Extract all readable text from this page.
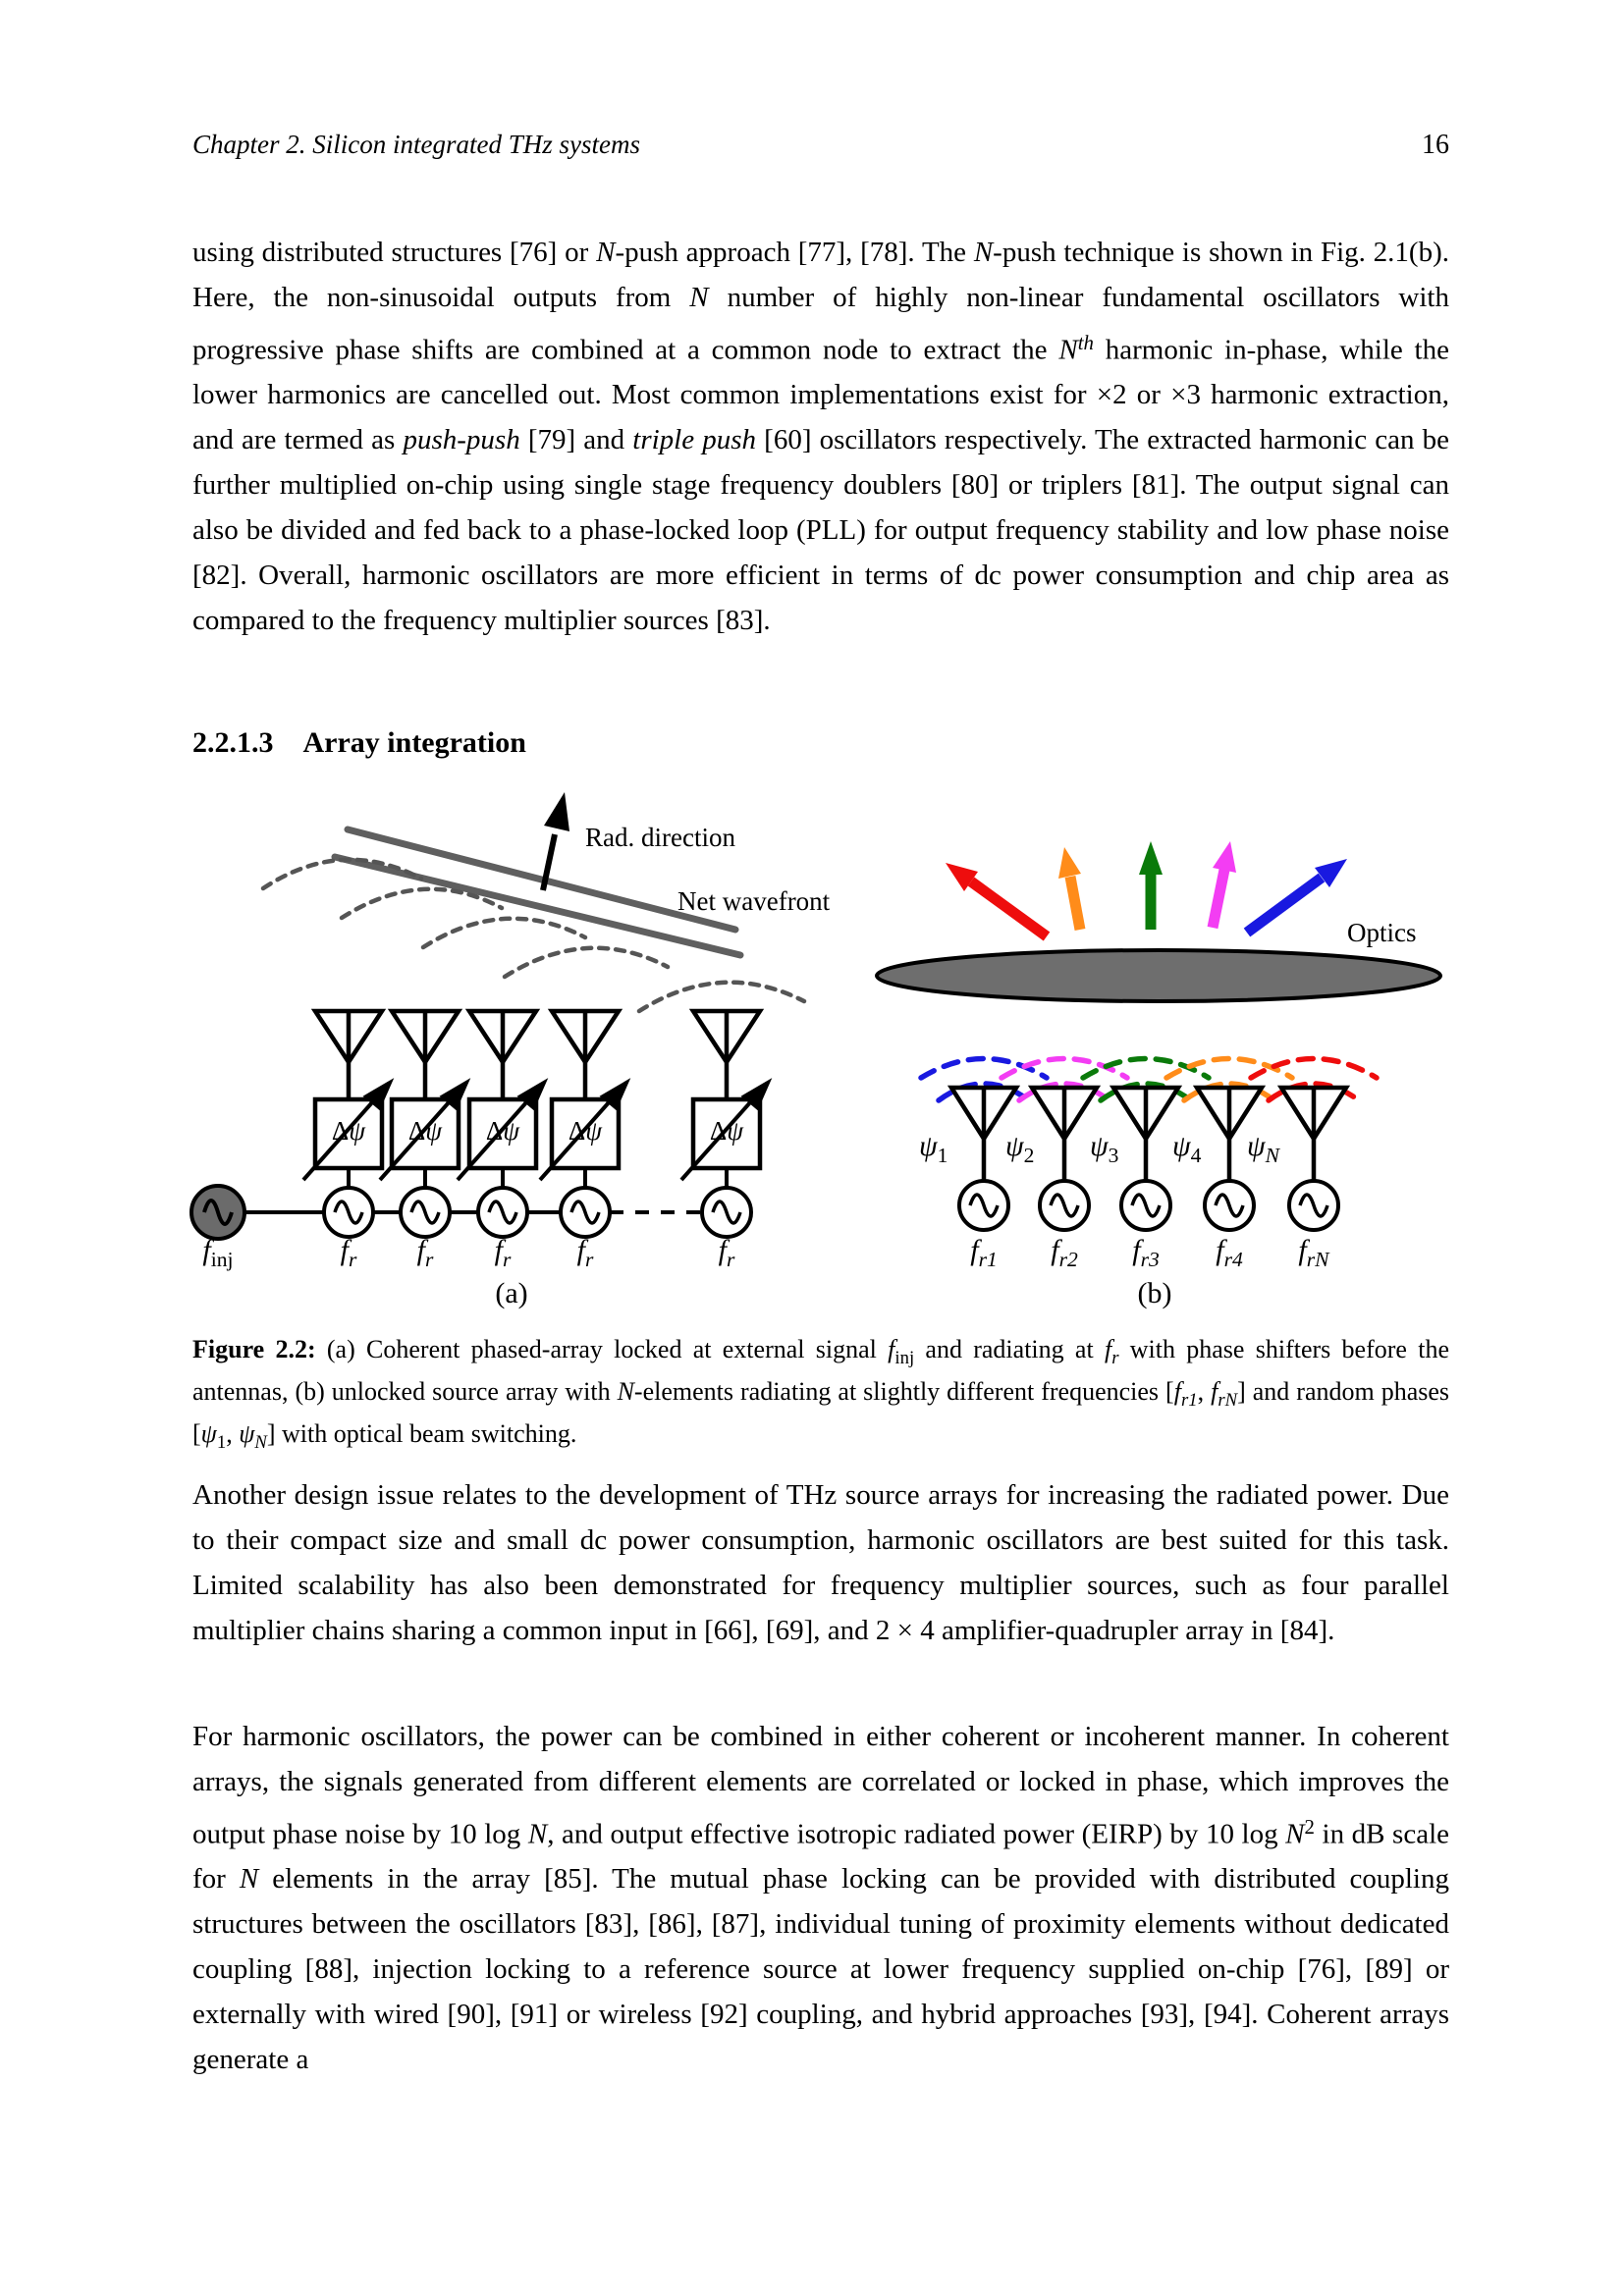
Chapter 2. Silicon integrated THz systems	16
using distributed structures [76] or N-push approach [77], [78]. The N-push technique is shown in Fig. 2.1(b). Here, the non-sinusoidal outputs from N number of highly non-linear fundamental oscillators with progressive phase shifts are combined at a common node to extract the $N^{th}$ harmonic in-phase, while the lower harmonics are cancelled out. Most common implementations exist for ×2 or ×3 harmonic extraction, and are termed as push-push [79] and triple push [60] oscillators respectively. The extracted harmonic can be further multiplied on-chip using single stage frequency doublers [80] or triplers [81]. The output signal can also be divided and fed back to a phase-locked loop (PLL) for output frequency stability and low phase noise [82]. Overall, harmonic oscillators are more efficient in terms of dc power consumption and chip area as compared to the frequency multiplier sources [83].
2.2.1.3 Array integration
Rad. direction
Net wavefront
Optics
Δψ	Δψ	Δψ	Δψ	Δψ
$f_{inj}$	$f_r$	$f_r$	$f_r$	$f_r$	$f_r$
(a)
$\psi_1$ $\psi_2$ $\psi_3$ $\psi_4$ $\psi_N$
$f_{r1}$	$f_{r2}$	$f_{r3}$	$f_{r4}$	$f_{rN}$
(b)
Figure 2.2: (a) Coherent phased-array locked at external signal $f_{inj}$ and radiating at $f_r$ with phase shifters before the antennas, (b) unlocked source array with N-elements radiating at slightly different frequencies [$f_{r1}$, $f_{rN}$] and random phases [$\psi_1$, $\psi_N$] with optical beam switching.
Another design issue relates to the development of THz source arrays for increasing the radiated power. Due to their compact size and small dc power consumption, harmonic oscillators are best suited for this task. Limited scalability has also been demonstrated for frequency multiplier sources, such as four parallel multiplier chains sharing a common input in [66], [69], and 2 × 4 amplifier-quadrupler array in [84].
For harmonic oscillators, the power can be combined in either coherent or incoherent manner. In coherent arrays, the signals generated from different elements are correlated or locked in phase, which improves the output phase noise by 10 log N, and output effective isotropic radiated power (EIRP) by 10 $\log N^2$ in dB scale for N elements in the array [85]. The mutual phase locking can be provided with distributed coupling structures between the oscillators [83], [86], [87], individual tuning of proximity elements without dedicated coupling [88], injection locking to a reference source at lower frequency supplied on-chip [76], [89] or externally with wired [90], [91] or wireless [92] coupling, and hybrid approaches [93], [94]. Coherent arrays generate a
